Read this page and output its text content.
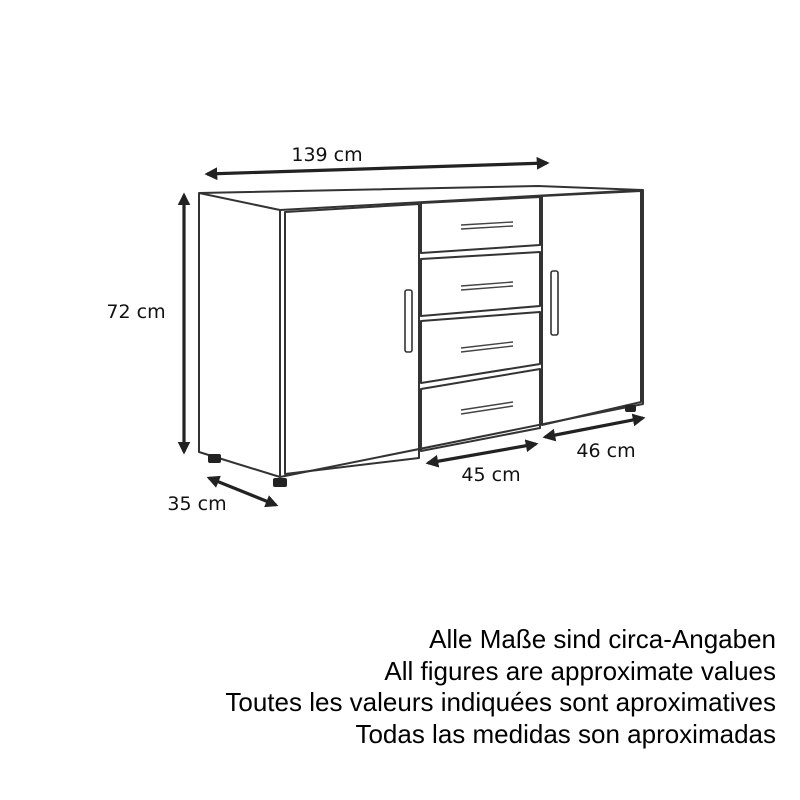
139 cm
72 cm
35 cm
45 cm
46 cm
Alle Maße sind circa-Angaben
All figures are approximate values
Toutes les valeurs indiquées sont aproximatives
Todas las medidas son aproximadas
